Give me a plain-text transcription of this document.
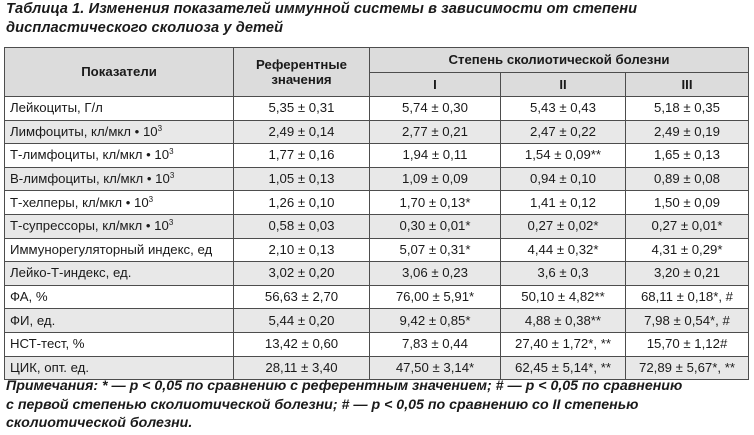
Таблица 1. Изменения показателей иммунной системы в зависимости от степени
диспластического сколиоза у детей
Показатели	Референтные значения	Степень сколиотической болезни		
		I	II	III
Лейкоциты, Г/л	5,35 ± 0,31	5,74 ± 0,30	5,43 ± 0,43	5,18 ± 0,35
Лимфоциты, кл/мкл • $10^3$	2,49 ± 0,14	2,77 ± 0,21	2,47 ± 0,22	2,49 ± 0,19
Т-лимфоциты, кл/мкл • $10^3$	1,77 ± 0,16	1,94 ± 0,11	1,54 ± 0,09**	1,65 ± 0,13
В-лимфоциты, кл/мкл • $10^3$	1,05 ± 0,13	1,09 ± 0,09	0,94 ± 0,10	0,89 ± 0,08
Т-хелперы, кл/мкл • $10^3$	1,26 ± 0,10	1,70 ± 0,13*	1,41 ± 0,12	1,50 ± 0,09
Т-супрессоры, кл/мкл • $10^3$	0,58 ± 0,03	0,30 ± 0,01*	0,27 ± 0,02*	0,27 ± 0,01*
Иммунорегуляторный индекс, ед	2,10 ± 0,13	5,07 ± 0,31*	4,44 ± 0,32*	4,31 ± 0,29*
Лейко-Т-индекс, ед.	3,02 ± 0,20	3,06 ± 0,23	3,6 ± 0,3	3,20 ± 0,21
ФА, %	56,63 ± 2,70	76,00 ± 5,91*	50,10 ± 4,82**	68,11 ± 0,18*, #
ФИ, ед.	5,44 ± 0,20	9,42 ± 0,85*	4,88 ± 0,38**	7,98 ± 0,54*, #
НСТ-тест, %	13,42 ± 0,60	7,83 ± 0,44	27,40 ± 1,72*, **	15,70 ± 1,12#
ЦИК, опт. ед.	28,11 ± 3,40	47,50 ± 3,14*	62,45 ± 5,14*, **	72,89 ± 5,67*, **
Примечания: * — р < 0,05 по сравнению с референтным значением; # — р < 0,05 по сравнению
с первой степенью сколиотической болезни; # — р < 0,05 по сравнению со II степенью
сколиотической болезни.
